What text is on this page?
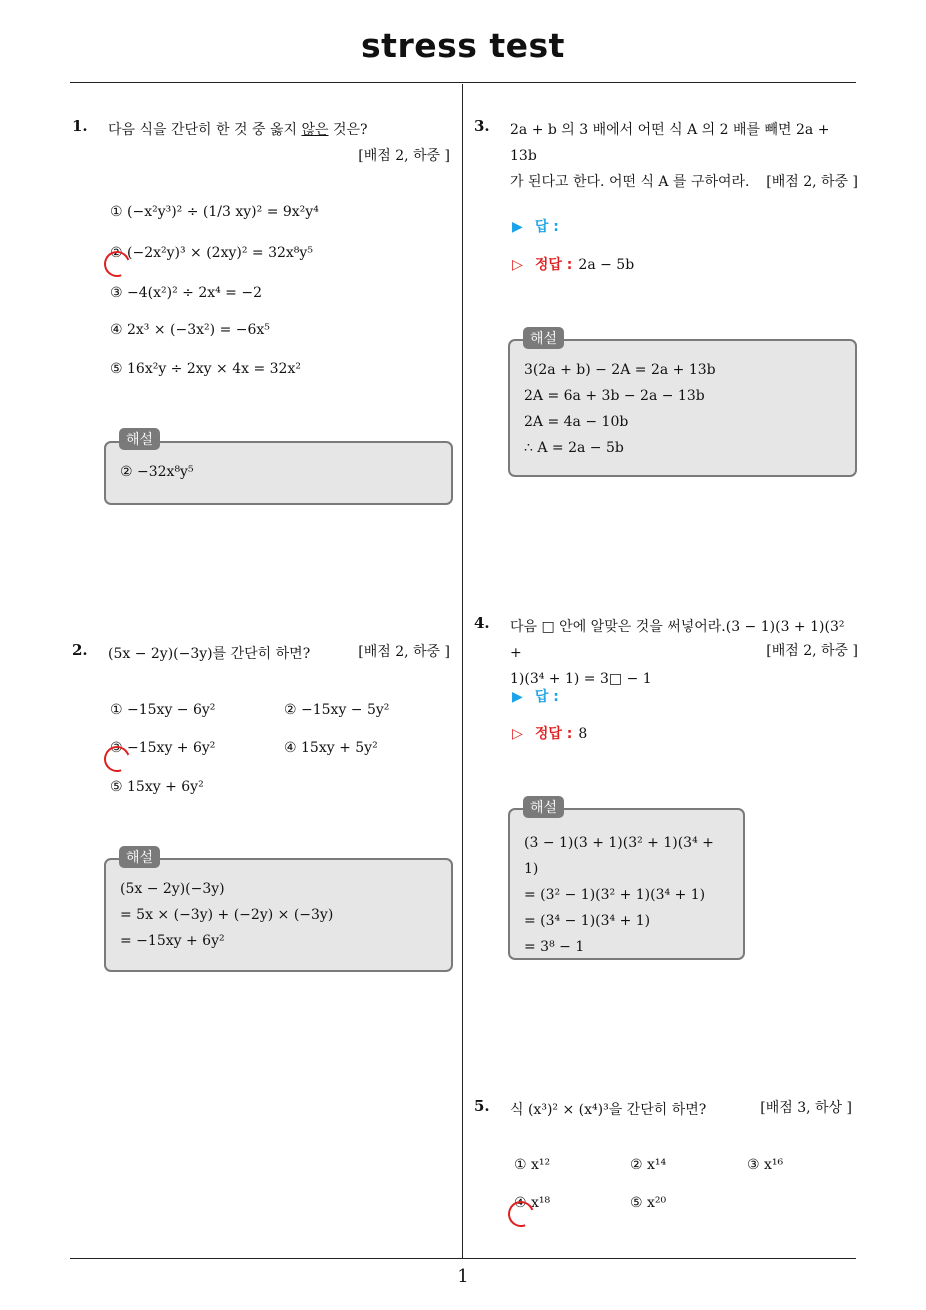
stress test
1
1. 다음 식을 간단히 한 것 중 옳지 않은 것은?
[배점 2, 하중 ]
① (−x²y³)² ÷ (1/3 xy)² = 9x²y⁴
② (−2x²y)³ × (2xy)² = 32x⁸y⁵
③ −4(x²)² ÷ 2x⁴ = −2
④ 2x³ × (−3x²) = −6x⁵
⑤ 16x²y ÷ 2xy × 4x = 32x²
② −32x⁸y⁵
해설
2. (5x − 2y)(−3y)를 간단히 하면?	[배점 2, 하중 ]
① −15xy − 6y²	② −15xy − 5y²
③ −15xy + 6y²	④ 15xy + 5y²
⑤ 15xy + 6y²
(5x − 2y)(−3y)
= 5x × (−3y) + (−2y) × (−3y)
= −15xy + 6y²
해설
3. 2a + b 의 3 배에서 어떤 식 A 의 2 배를 빼면 2a + 13b
가 된다고 한다. 어떤 식 A 를 구하여라.	[배점 2, 하중 ]
▶ 답 :
▷ 정답 : 2a − 5b
3(2a + b) − 2A = 2a + 13b
2A = 6a + 3b − 2a − 13b
2A = 4a − 10b
∴ A = 2a − 5b
해설
4. 다음 □ 안에 알맞은 것을 써넣어라.(3 − 1)(3 + 1)(3² +
1)(3⁴ + 1) = 3□ − 1
[배점 2, 하중 ]
▶ 답 :
▷ 정답 : 8
(3 − 1)(3 + 1)(3² + 1)(3⁴ + 1)
= (3² − 1)(3² + 1)(3⁴ + 1)
= (3⁴ − 1)(3⁴ + 1)
= 3⁸ − 1
해설
5. 식 (x³)² × (x⁴)³을 간단히 하면?	[배점 3, 하상 ]
① x¹²	② x¹⁴	③ x¹⁶
④ x¹⁸	⑤ x²⁰
